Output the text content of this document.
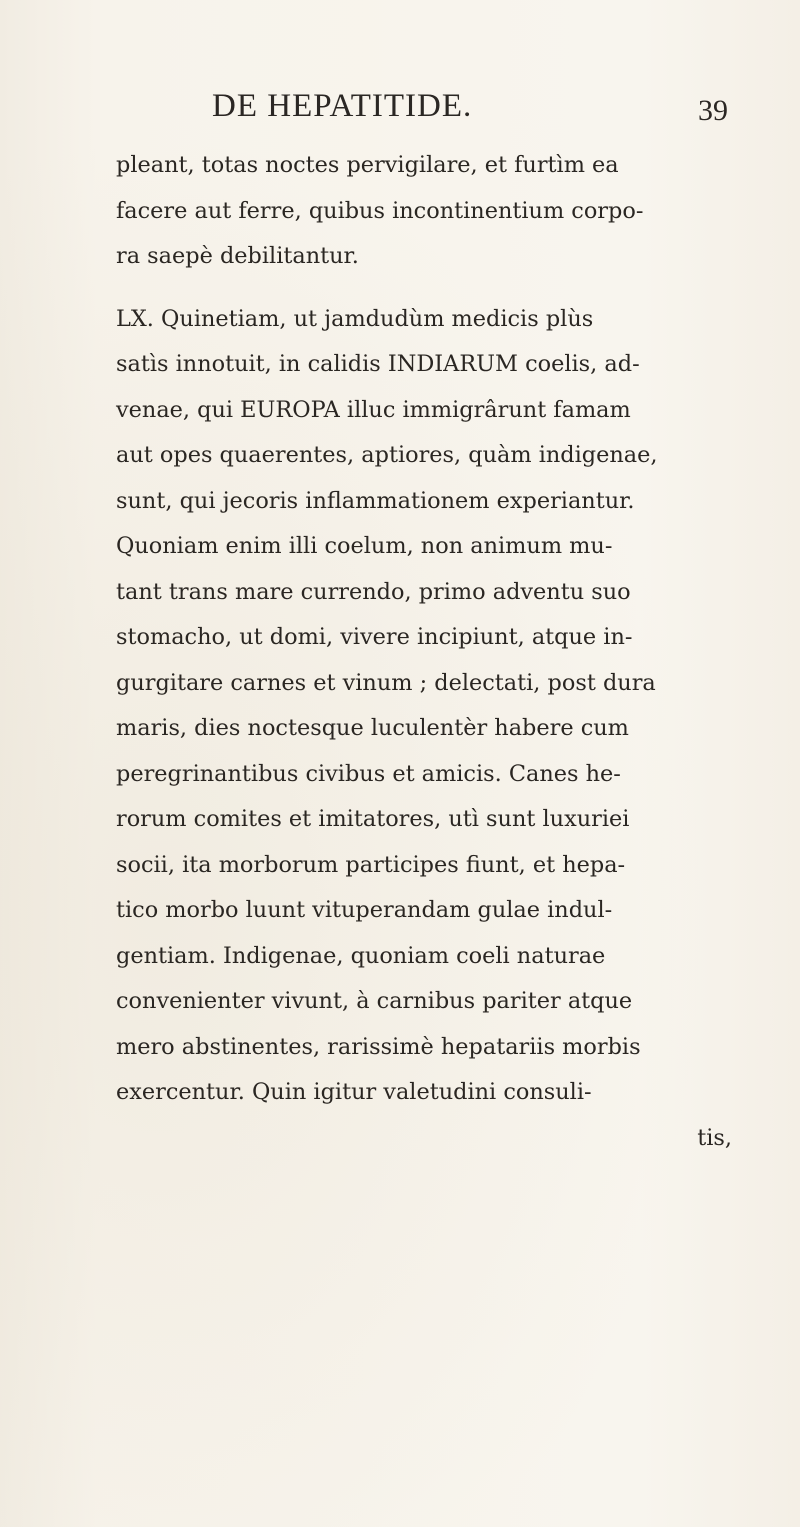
DE HEPATITIDE.	39
pleant, totas noctes pervigilare, et furtìm ea
facere aut ferre, quibus incontinentium corpo-
ra saepè debilitantur.
LX. Quinetiam, ut jamdudùm medicis plùs
satìs innotuit, in calidis INDIARUM coelis, ad-
venae, qui EUROPA illuc immigrârunt famam
aut opes quaerentes, aptiores, quàm indigenae,
sunt, qui jecoris inflammationem experiantur.
Quoniam enim illi coelum, non animum mu-
tant trans mare currendo, primo adventu suo
stomacho, ut domi, vivere incipiunt, atque in-
gurgitare carnes et vinum ; delectati, post dura
maris, dies noctesque luculentèr habere cum
peregrinantibus civibus et amicis. Canes he-
rorum comites et imitatores, utì sunt luxuriei
socii, ita morborum participes fiunt, et hepa-
tico morbo luunt vituperandam gulae indul-
gentiam. Indigenae, quoniam coeli naturae
convenienter vivunt, à carnibus pariter atque
mero abstinentes, rarissimè hepatariis morbis
exercentur. Quin igitur valetudini consuli-
tis,
